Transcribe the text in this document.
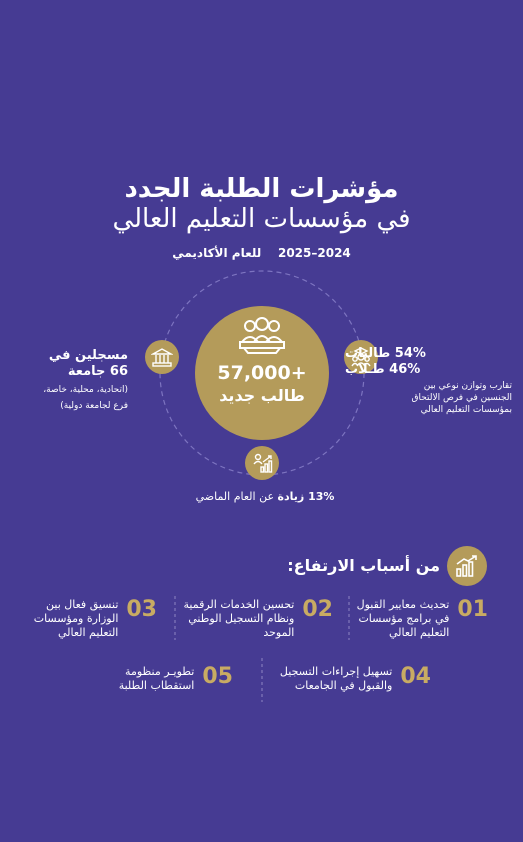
مؤشرات الطلبة الجدد
في مؤسسات التعليم العالي
للعام الأكاديمي 2025–2024
57,000+
طالب جديد
مسجلين في
66 جامعة
(اتحادية، محلية، خاصة،
فرع لجامعة دولية)
54% طالبات
46% طـلاب
تقارب وتوازن نوعي بين
الجنسين في فرص الالتحاق
بمؤسسات التعليم العالي
13% زيادة عن العام الماضي
من أسباب الارتفاع:
01
تحديث معايير القبول
في برامج مؤسسات
التعليم العالي
02
تحسين الخدمات الرقمية
ونظام التسجيل الوطني
الموحد
03
تنسيق فعال بين
الوزارة ومؤسسات
التعليم العالي
04
تسهيل إجراءات التسجيل
والقبول في الجامعات
05
تطويـر منظومة
استقطاب الطلبة
